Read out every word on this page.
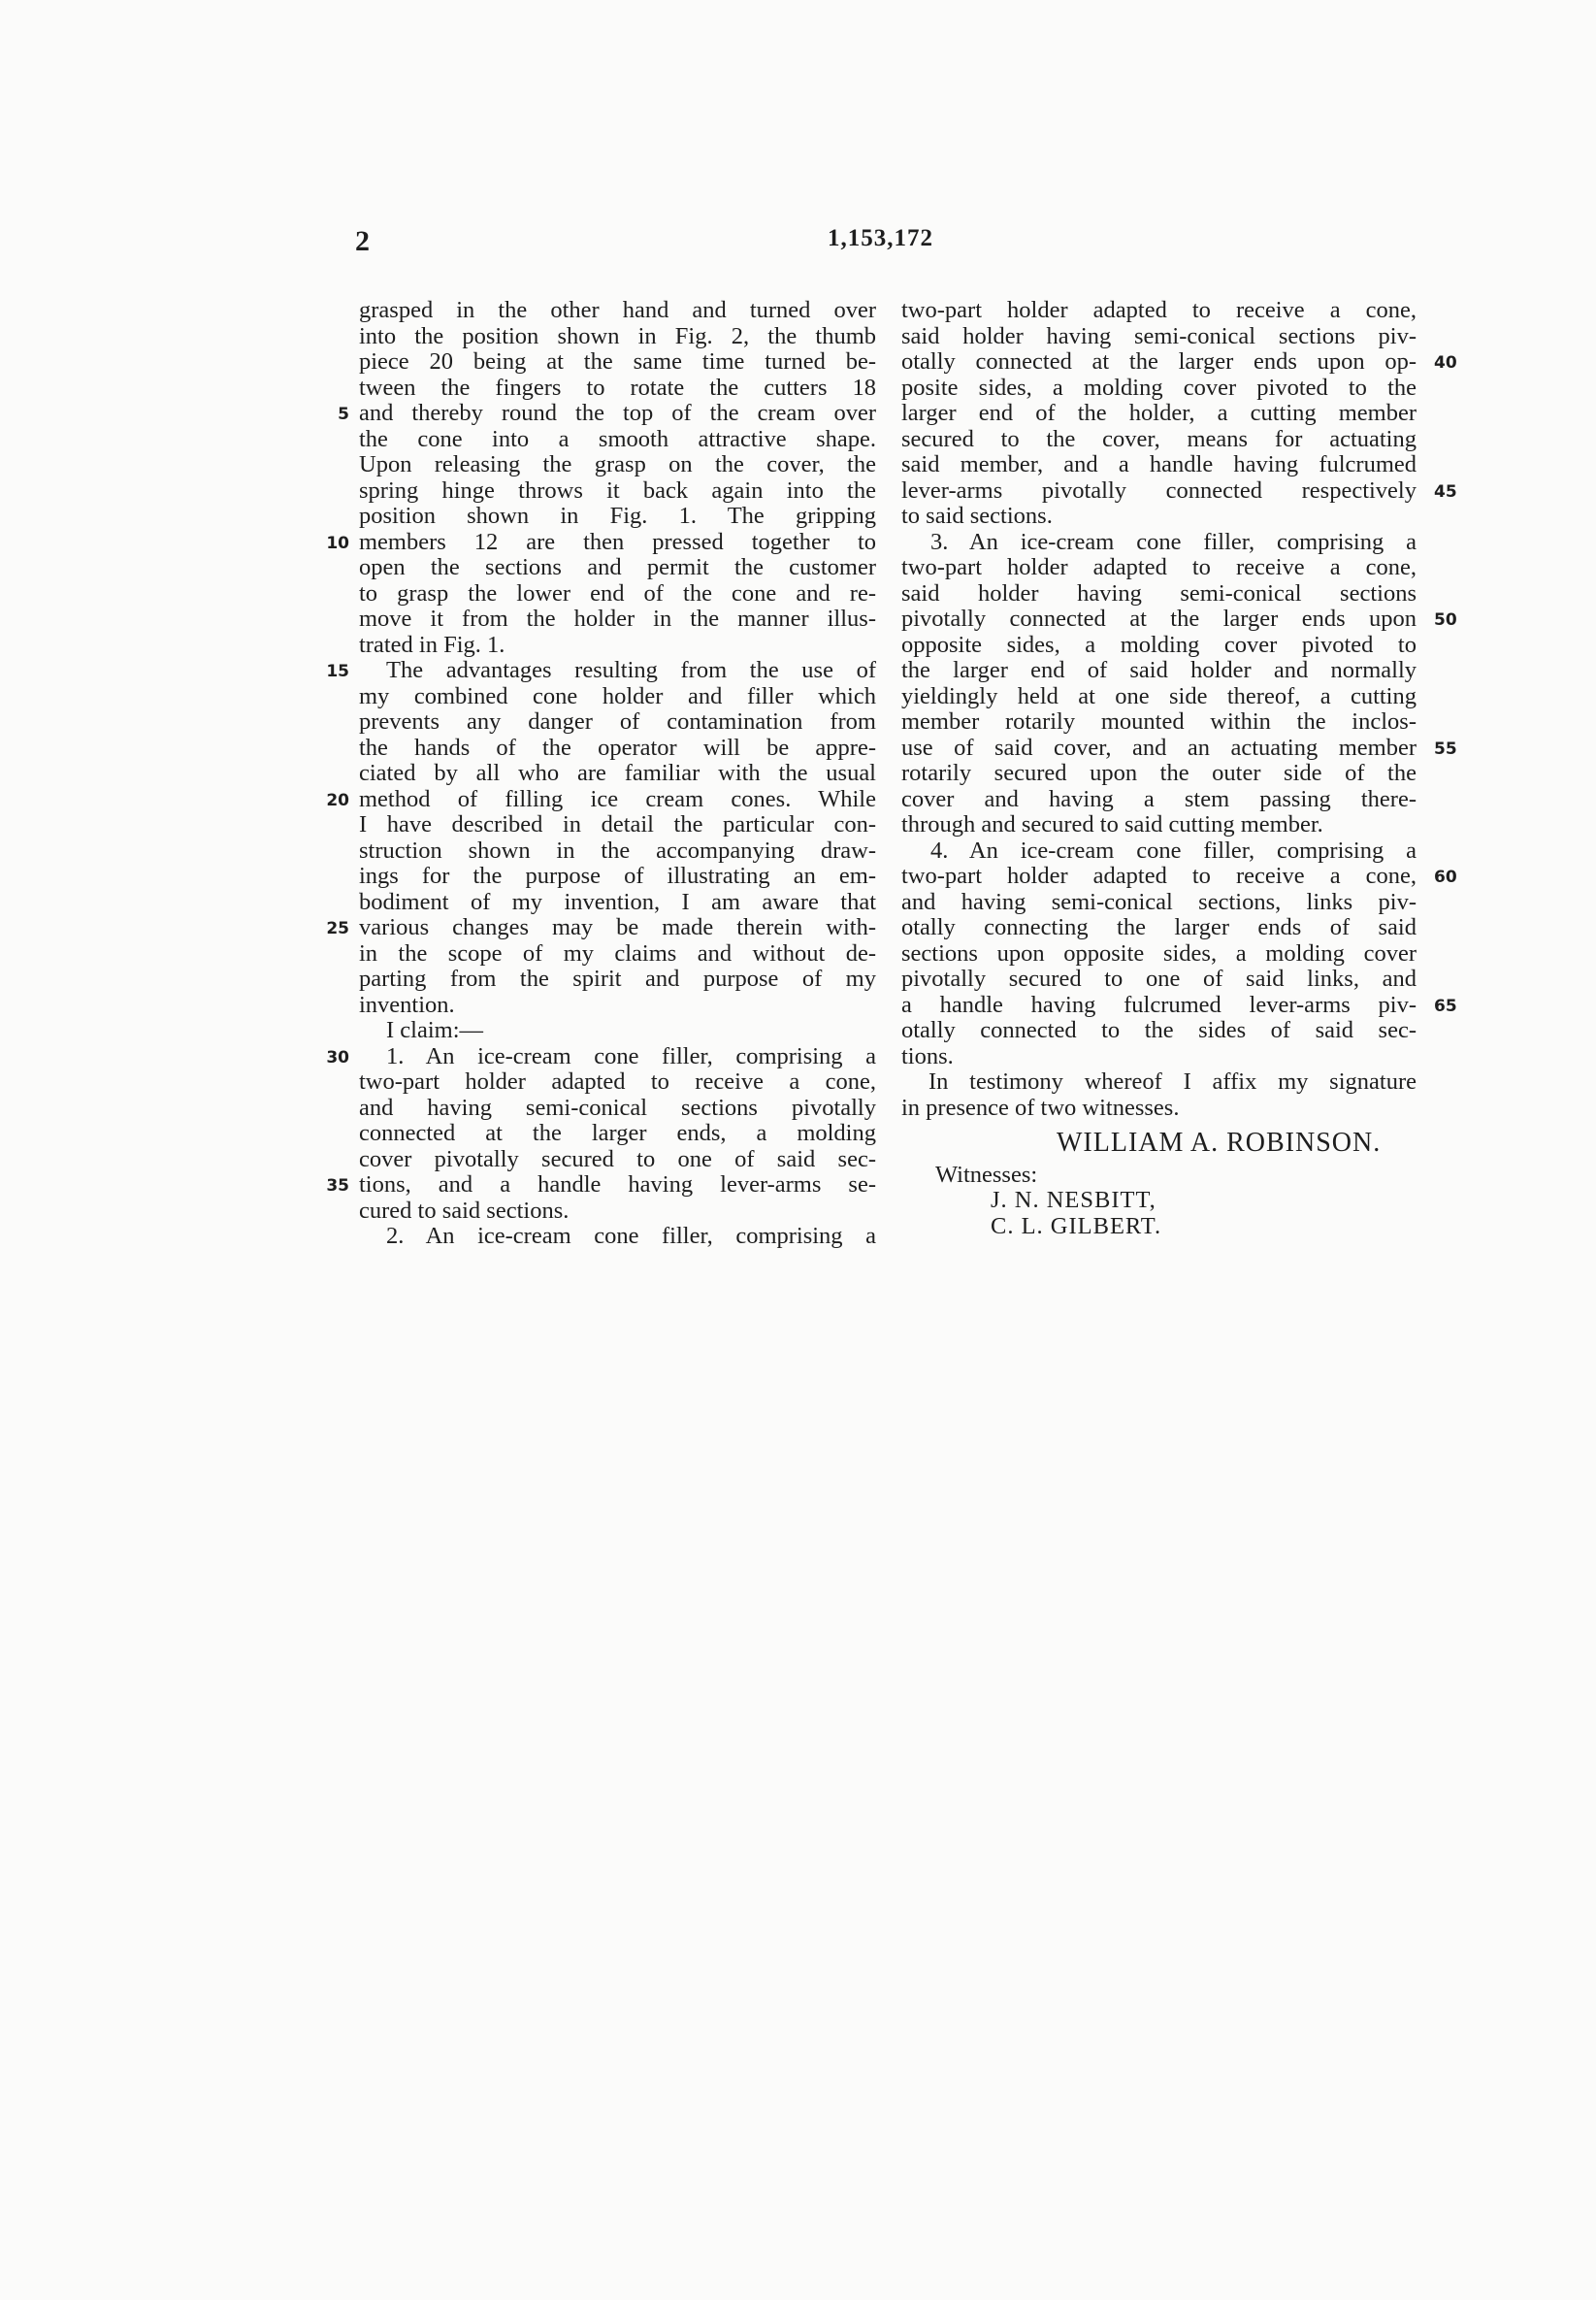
2	1,153,172
grasped in the other hand and turned over
into the position shown in Fig. 2, the thumb
piece 20 being at the same time turned be-
tween the fingers to rotate the cutters 18
and thereby round the top of the cream over
the cone into a smooth attractive shape.
Upon releasing the grasp on the cover, the
spring hinge throws it back again into the
position shown in Fig. 1. The gripping
members 12 are then pressed together to
open the sections and permit the customer
to grasp the lower end of the cone and re-
move it from the holder in the manner illus-
trated in Fig. 1.
The advantages resulting from the use of
my combined cone holder and filler which
prevents any danger of contamination from
the hands of the operator will be appre-
ciated by all who are familiar with the usual
method of filling ice cream cones. While
I have described in detail the particular con-
struction shown in the accompanying draw-
ings for the purpose of illustrating an em-
bodiment of my invention, I am aware that
various changes may be made therein with-
in the scope of my claims and without de-
parting from the spirit and purpose of my
invention.
I claim:—
1. An ice-cream cone filler, comprising a
two-part holder adapted to receive a cone,
and having semi-conical sections pivotally
connected at the larger ends, a molding
cover pivotally secured to one of said sec-
tions, and a handle having lever-arms se-
cured to said sections.
2. An ice-cream cone filler, comprising a
two-part holder adapted to receive a cone,
said holder having semi-conical sections piv-
otally connected at the larger ends upon op-
posite sides, a molding cover pivoted to the
larger end of the holder, a cutting member
secured to the cover, means for actuating
said member, and a handle having fulcrumed
lever-arms pivotally connected respectively
to said sections.
3. An ice-cream cone filler, comprising a
two-part holder adapted to receive a cone,
said holder having semi-conical sections
pivotally connected at the larger ends upon
opposite sides, a molding cover pivoted to
the larger end of said holder and normally
yieldingly held at one side thereof, a cutting
member rotarily mounted within the inclos-
use of said cover, and an actuating member
rotarily secured upon the outer side of the
cover and having a stem passing there-
through and secured to said cutting member.
4. An ice-cream cone filler, comprising a
two-part holder adapted to receive a cone,
and having semi-conical sections, links piv-
otally connecting the larger ends of said
sections upon opposite sides, a molding cover
pivotally secured to one of said links, and
a handle having fulcrumed lever-arms piv-
otally connected to the sides of said sec-
tions.
In testimony whereof I affix my signature
in presence of two witnesses.
WILLIAM A. ROBINSON.
Witnesses:
J. N. NESBITT,
C. L. GILBERT.
5
10
15
20
25
30
35
40
45
50
55
60
65
